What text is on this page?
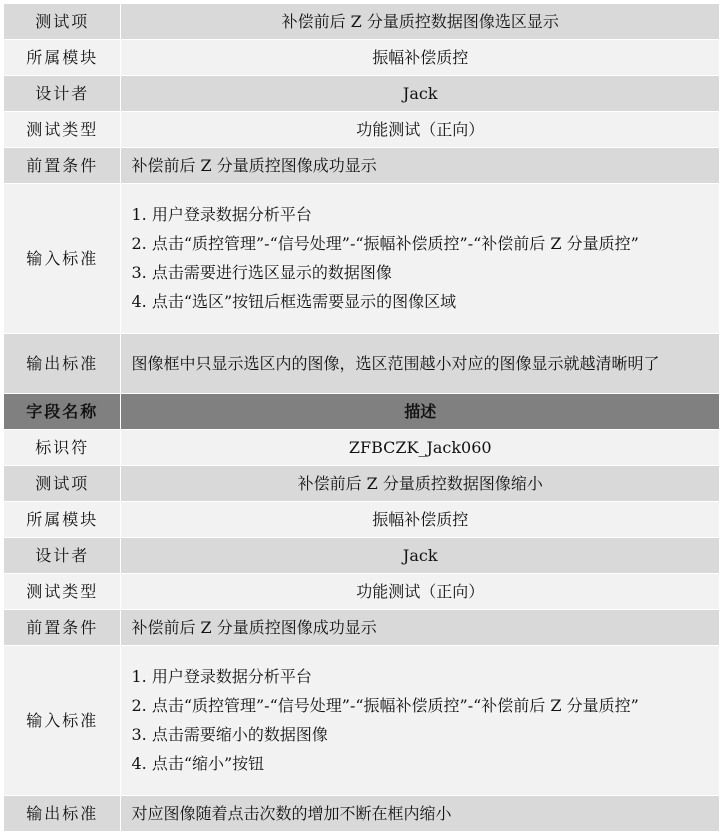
测试项	补偿前后 Z 分量质控数据图像选区显示
所属模块	振幅补偿质控
设计者	Jack
测试类型	功能测试（正向）
前置条件	补偿前后 Z 分量质控图像成功显示
输入标准	1. 用户登录数据分析平台
2. 点击“质控管理”-“信号处理”-“振幅补偿质控”-“补偿前后 Z 分量质控”
3. 点击需要进行选区显示的数据图像
4. 点击“选区”按钮后框选需要显示的图像区域

输出标准	图像框中只显示选区内的图像，选区范围越小对应的图像显示就越清晰明了
字段名称	描述
标识符	ZFBCZK_Jack060
测试项	补偿前后 Z 分量质控数据图像缩小
所属模块	振幅补偿质控
设计者	Jack
测试类型	功能测试（正向）
前置条件	补偿前后 Z 分量质控图像成功显示
输入标准	1. 用户登录数据分析平台
2. 点击“质控管理”-“信号处理”-“振幅补偿质控”-“补偿前后 Z 分量质控”
3. 点击需要缩小的数据图像
4. 点击“缩小”按钮

输出标准	对应图像随着点击次数的增加不断在框内缩小
